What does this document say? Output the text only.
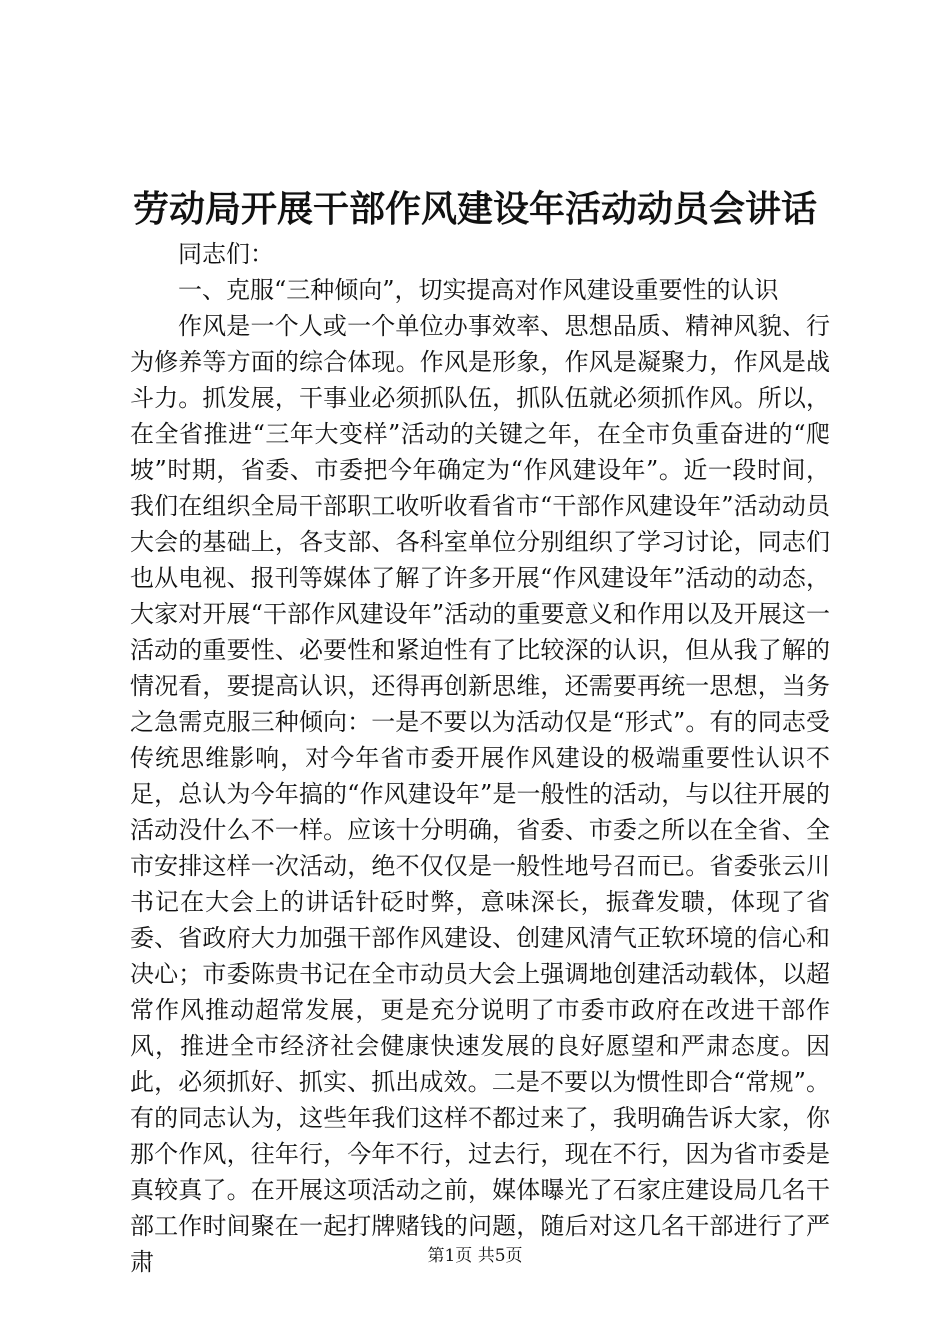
劳动局开展干部作风建设年活动动员会讲话

同志们：

一、克服“三种倾向”，切实提高对作风建设重要性的认识

作风是一个人或一个单位办事效率、思想品质、精神风貌、行为修养等方面的综合体现。作风是形象，作风是凝聚力，作风是战斗力。抓发展，干事业必须抓队伍，抓队伍就必须抓作风。所以，在全省推进“三年大变样”活动的关键之年，在全市负重奋进的“爬坡”时期，省委、市委把今年确定为“作风建设年”。近一段时间，我们在组织全局干部职工收听收看省市“干部作风建设年”活动动员大会的基础上，各支部、各科室单位分别组织了学习讨论，同志们也从电视、报刊等媒体了解了许多开展“作风建设年”活动的动态，大家对开展“干部作风建设年”活动的重要意义和作用以及开展这一活动的重要性、必要性和紧迫性有了比较深的认识，但从我了解的情况看，要提高认识，还得再创新思维，还需要再统一思想，当务之急需克服三种倾向：一是不要以为活动仅是“形式”。有的同志受传统思维影响，对今年省市委开展作风建设的极端重要性认识不足，总认为今年搞的“作风建设年”是一般性的活动，与以往开展的活动没什么不一样。应该十分明确，省委、市委之所以在全省、全市安排这样一次活动，绝不仅仅是一般性地号召而已。省委张云川书记在大会上的讲话针砭时弊，意味深长，振聋发聩，体现了省委、省政府大力加强干部作风建设、创建风清气正软环境的信心和决心；市委陈贵书记在全市动员大会上强调地创建活动载体，以超常作风推动超常发展，更是充分说明了市委市政府在改进干部作风，推进全市经济社会健康快速发展的良好愿望和严肃态度。因此，必须抓好、抓实、抓出成效。二是不要以为惯性即合“常规”。有的同志认为，这些年我们这样不都过来了，我明确告诉大家，你那个作风，往年行，今年不行，过去行，现在不行，因为省市委是真较真了。在开展这项活动之前，媒体曝光了石家庄建设局几名干部工作时间聚在一起打牌赌钱的问题，随后对这几名干部进行了严肃	第1页 共5页
